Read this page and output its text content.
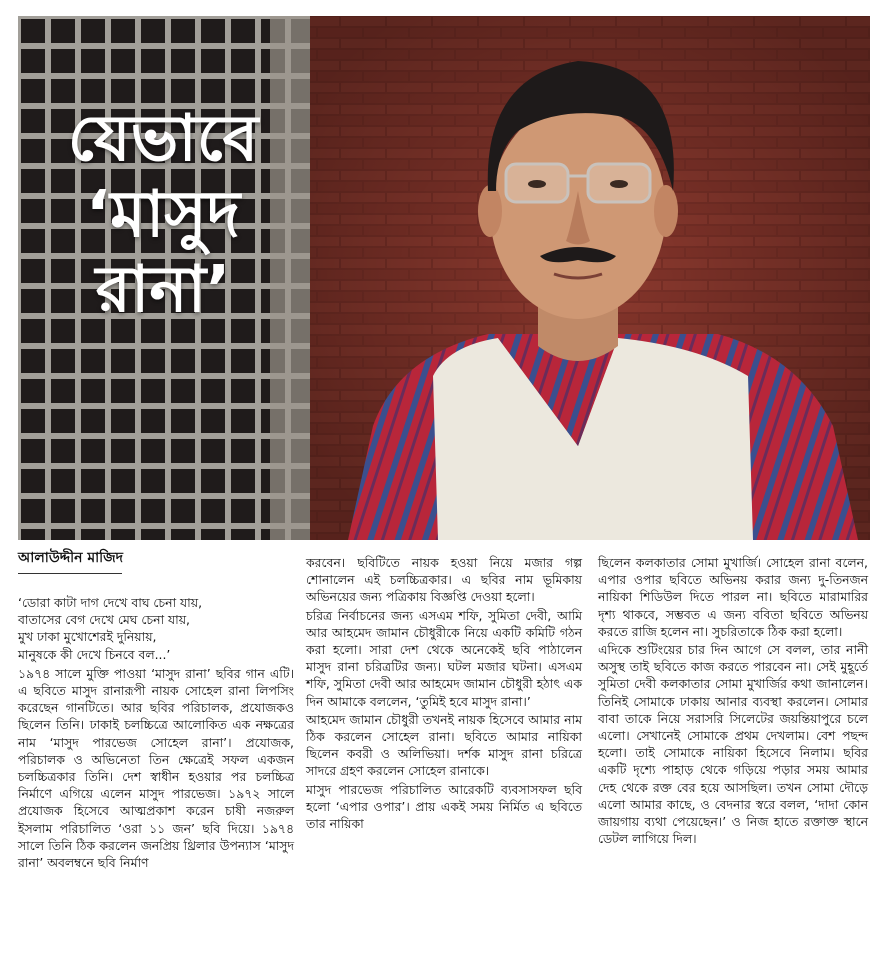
যেভাবে
‘মাসুদ
রানা’
আলাউদ্দীন মাজিদ
‘ডোরা কাটা দাগ দেখে বাঘ চেনা যায়,
বাতাসের বেগ দেখে মেঘ চেনা যায়,
মুখ ঢাকা মুখোশেরই দুনিয়ায়,
মানুষকে কী দেখে চিনবে বল...’

১৯৭৪ সালে মুক্তি পাওয়া ‘মাসুদ রানা’ ছবির গান এটি। এ ছবিতে মাসুদ রানারূপী নায়ক সোহেল রানা লিপসিং করেছেন গানটিতে। আর ছবির পরিচালক, প্রযোজকও ছিলেন তিনি। ঢাকাই চলচ্চিত্রে আলোকিত এক নক্ষত্রের নাম ‘মাসুদ পারভেজ সোহেল রানা’। প্রযোজক, পরিচালক ও অভিনেতা তিন ক্ষেত্রেই সফল একজন চলচ্চিত্রকার তিনি। দেশ স্বাধীন হওয়ার পর চলচ্চিত্র নির্মাণে এগিয়ে এলেন মাসুদ পারভেজ। ১৯৭২ সালে প্রযোজক হিসেবে আত্মপ্রকাশ করেন চাষী নজরুল ইসলাম পরিচালিত ‘ওরা ১১ জন’ ছবি দিয়ে। ১৯৭৪ সালে তিনি ঠিক করলেন জনপ্রিয় থ্রিলার উপন্যাস ‘মাসুদ রানা’ অবলম্বনে ছবি নির্মাণ

করবেন। ছবিটিতে নায়ক হওয়া নিয়ে মজার গল্প শোনালেন এই চলচ্চিত্রকার। এ ছবির নাম ভূমিকায় অভিনয়ের জন্য পত্রিকায় বিজ্ঞপ্তি দেওয়া হলো।

চরিত্র নির্বাচনের জন্য এসএম শফি, সুমিতা দেবী, আমি আর আহমেদ জামান চৌধুরীকে নিয়ে একটি কমিটি গঠন করা হলো। সারা দেশ থেকে অনেকেই ছবি পাঠালেন মাসুদ রানা চরিত্রটির জন্য। ঘটল মজার ঘটনা। এসএম শফি, সুমিতা দেবী আর আহমেদ জামান চৌধুরী হঠাৎ এক দিন আমাকে বললেন, ‘তুমিই হবে মাসুদ রানা।’

আহমেদ জামান চৌধুরী তখনই নায়ক হিসেবে আমার নাম ঠিক করলেন সোহেল রানা। ছবিতে আমার নায়িকা ছিলেন কবরী ও অলিভিয়া। দর্শক মাসুদ রানা চরিত্রে সাদরে গ্রহণ করলেন সোহেল রানাকে।

মাসুদ পারভেজ পরিচালিত আরেকটি ব্যবসাসফল ছবি হলো ‘এপার ওপার’। প্রায় একই সময় নির্মিত এ ছবিতে তার নায়িকা

ছিলেন কলকাতার সোমা মুখার্জি। সোহেল রানা বলেন, এপার ওপার ছবিতে অভিনয় করার জন্য দু-তিনজন নায়িকা শিডিউল দিতে পারল না। ছবিতে মারামারির দৃশ্য থাকবে, সম্ভবত এ জন্য ববিতা ছবিতে অভিনয় করতে রাজি হলেন না। সুচরিতাকে ঠিক করা হলো।

এদিকে শুটিংয়ের চার দিন আগে সে বলল, তার নানী অসুস্থ তাই ছবিতে কাজ করতে পারবেন না। সেই মুহূর্তে সুমিতা দেবী কলকাতার সোমা মুখার্জির কথা জানালেন। তিনিই সোমাকে ঢাকায় আনার ব্যবস্থা করলেন। সোমার বাবা তাকে নিয়ে সরাসরি সিলেটের জয়ন্তিয়াপুরে চলে এলো। সেখানেই সোমাকে প্রথম দেখলাম। বেশ পছন্দ হলো। তাই সোমাকে নায়িকা হিসেবে নিলাম। ছবির একটি দৃশ্যে পাহাড় থেকে গড়িয়ে পড়ার সময় আমার দেহ থেকে রক্ত বের হয়ে আসছিল। তখন সোমা দৌড়ে এলো আমার কাছে, ও বেদনার স্বরে বলল, ‘দাদা কোন জায়গায় ব্যথা পেয়েছেন।’ ও নিজ হাতে রক্তাক্ত স্থানে ডেটল লাগিয়ে দিল।
